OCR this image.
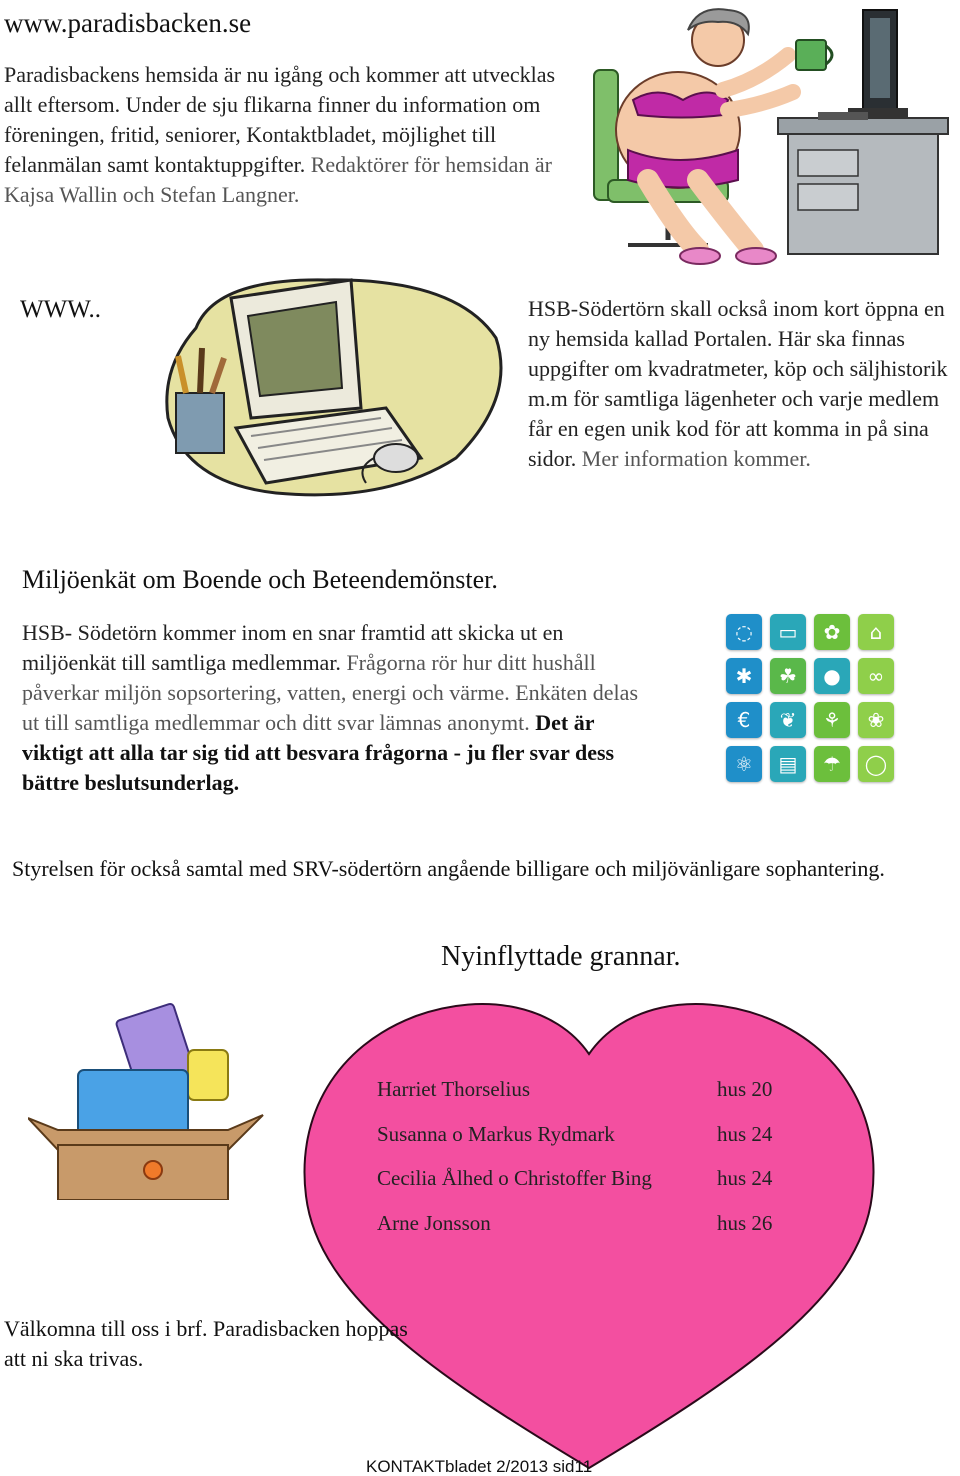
www.paradisbacken.se

Paradisbackens hemsida är nu igång och kommer att utvecklas allt eftersom. Under de sju flikarna finner du information om föreningen, fritid, seniorer, Kontaktbladet, möjlighet till felanmälan samt kontaktuppgifter. Redaktörer för hemsidan är Kajsa Wallin och Stefan Langner.

WWW..	HSB-Södertörn skall också inom kort öppna en ny hemsida kallad Portalen. Här ska finnas uppgifter om kvadratmeter, köp och säljhistorik m.m för samtliga lägenheter och varje medlem får en egen unik kod för att komma in på sina sidor. Mer information kommer.

Miljöenkät om Boende och Beteendemönster.

HSB- Södetörn kommer inom en snar framtid att skicka ut en miljöenkät till samtliga medlemmar. Frågorna rör hur ditt hushåll påverkar miljön sopsortering, vatten, energi och värme. Enkäten delas ut till samtliga medlemmar och ditt svar lämnas anonymt. Det är viktigt att alla tar sig tid att besvara frågorna - ju fler svar dess bättre beslutsunderlag.

◌	▭	✿	⌂
✱	☘	●	∞
€	❦	⚘	❀
⚛	▤	☂	◯

Styrelsen för också samtal med SRV-södertörn angående billigare och miljövänligare sophantering.

Nyinflyttade grannar.
Harriet Thorselius	hus 20
Susanna o Markus Rydmark	hus 24
Cecilia Ålhed o Christoffer Bing	hus 24
Arne Jonsson	hus 26

Välkomna till oss i brf. Paradisbacken hoppas att ni ska trivas.

KONTAKTbladet 2/2013 sid11
